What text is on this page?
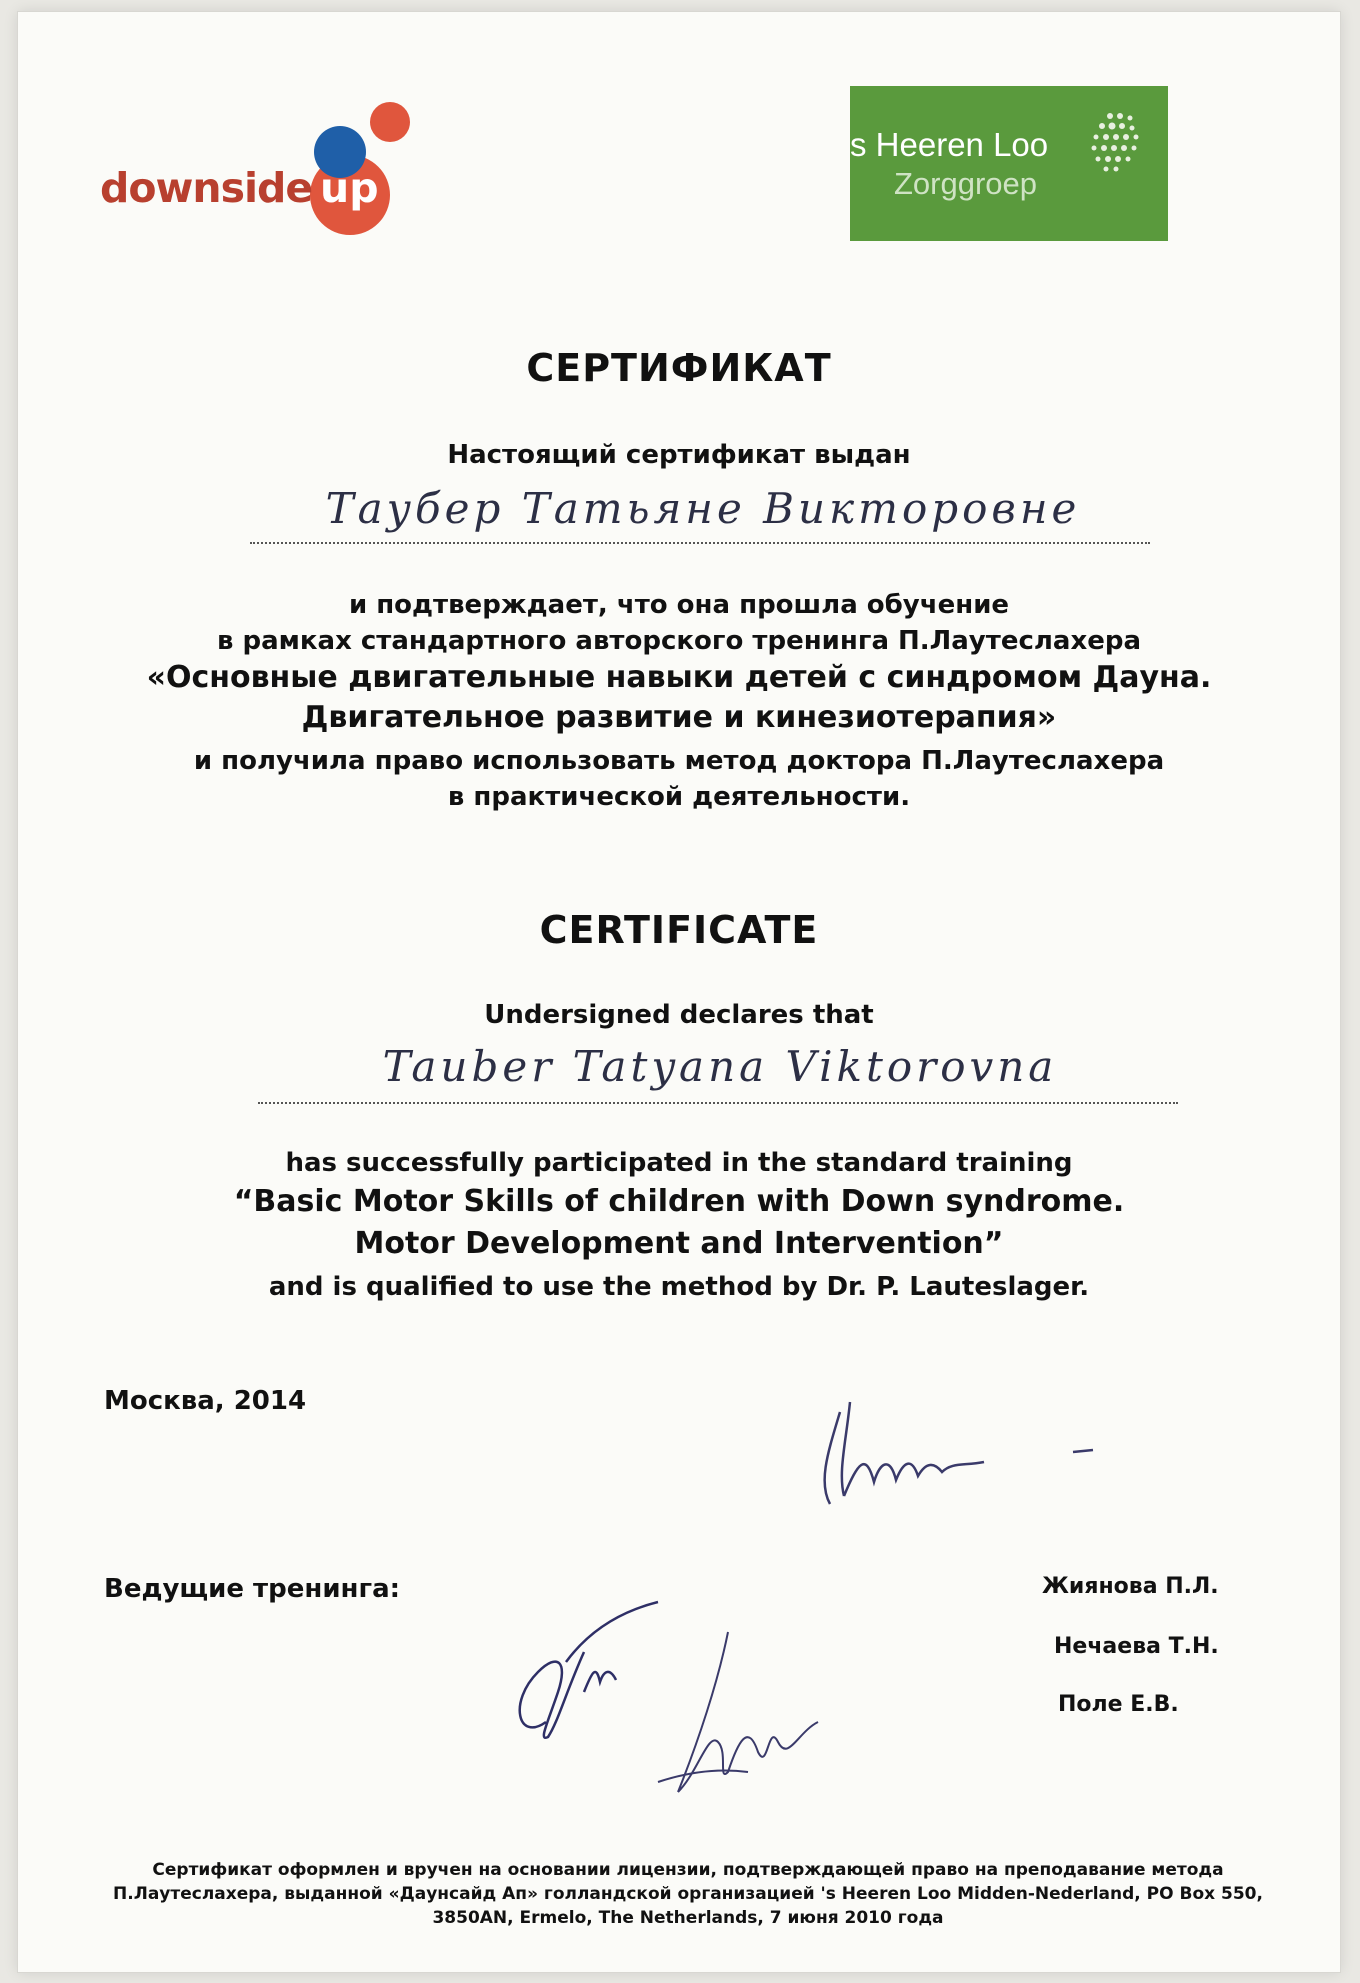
downside up
s Heeren Loo
Zorggroep
СЕРТИФИКАТ
Настоящий сертификат выдан
Таубер Татьяне Викторовне
и подтверждает, что она прошла обучение
в рамках стандартного авторского тренинга П.Лаутеслахера
«Основные двигательные навыки детей с синдромом Дауна.
Двигательное развитие и кинезиотерапия»
и получила право использовать метод доктора П.Лаутеслахера
в практической деятельности.
CERTIFICATE
Undersigned declares that
Tauber Tatyana Viktorovna
has successfully participated in the standard training
“Basic Motor Skills of children with Down syndrome.
Motor Development and Intervention”
and is qualified to use the method by Dr. P. Lauteslager.
Москва, 2014
Ведущие тренинга:	Жиянова П.Л.
Нечаева Т.Н.
Поле Е.В.
Сертификат оформлен и вручен на основании лицензии, подтверждающей право на преподавание метода
П.Лаутеслахера, выданной «Даунсайд Ап» голландской организацией 's Heeren Loo Midden-Nederland, PO Box 550,
3850AN, Ermelo, The Netherlands, 7 июня 2010 года
